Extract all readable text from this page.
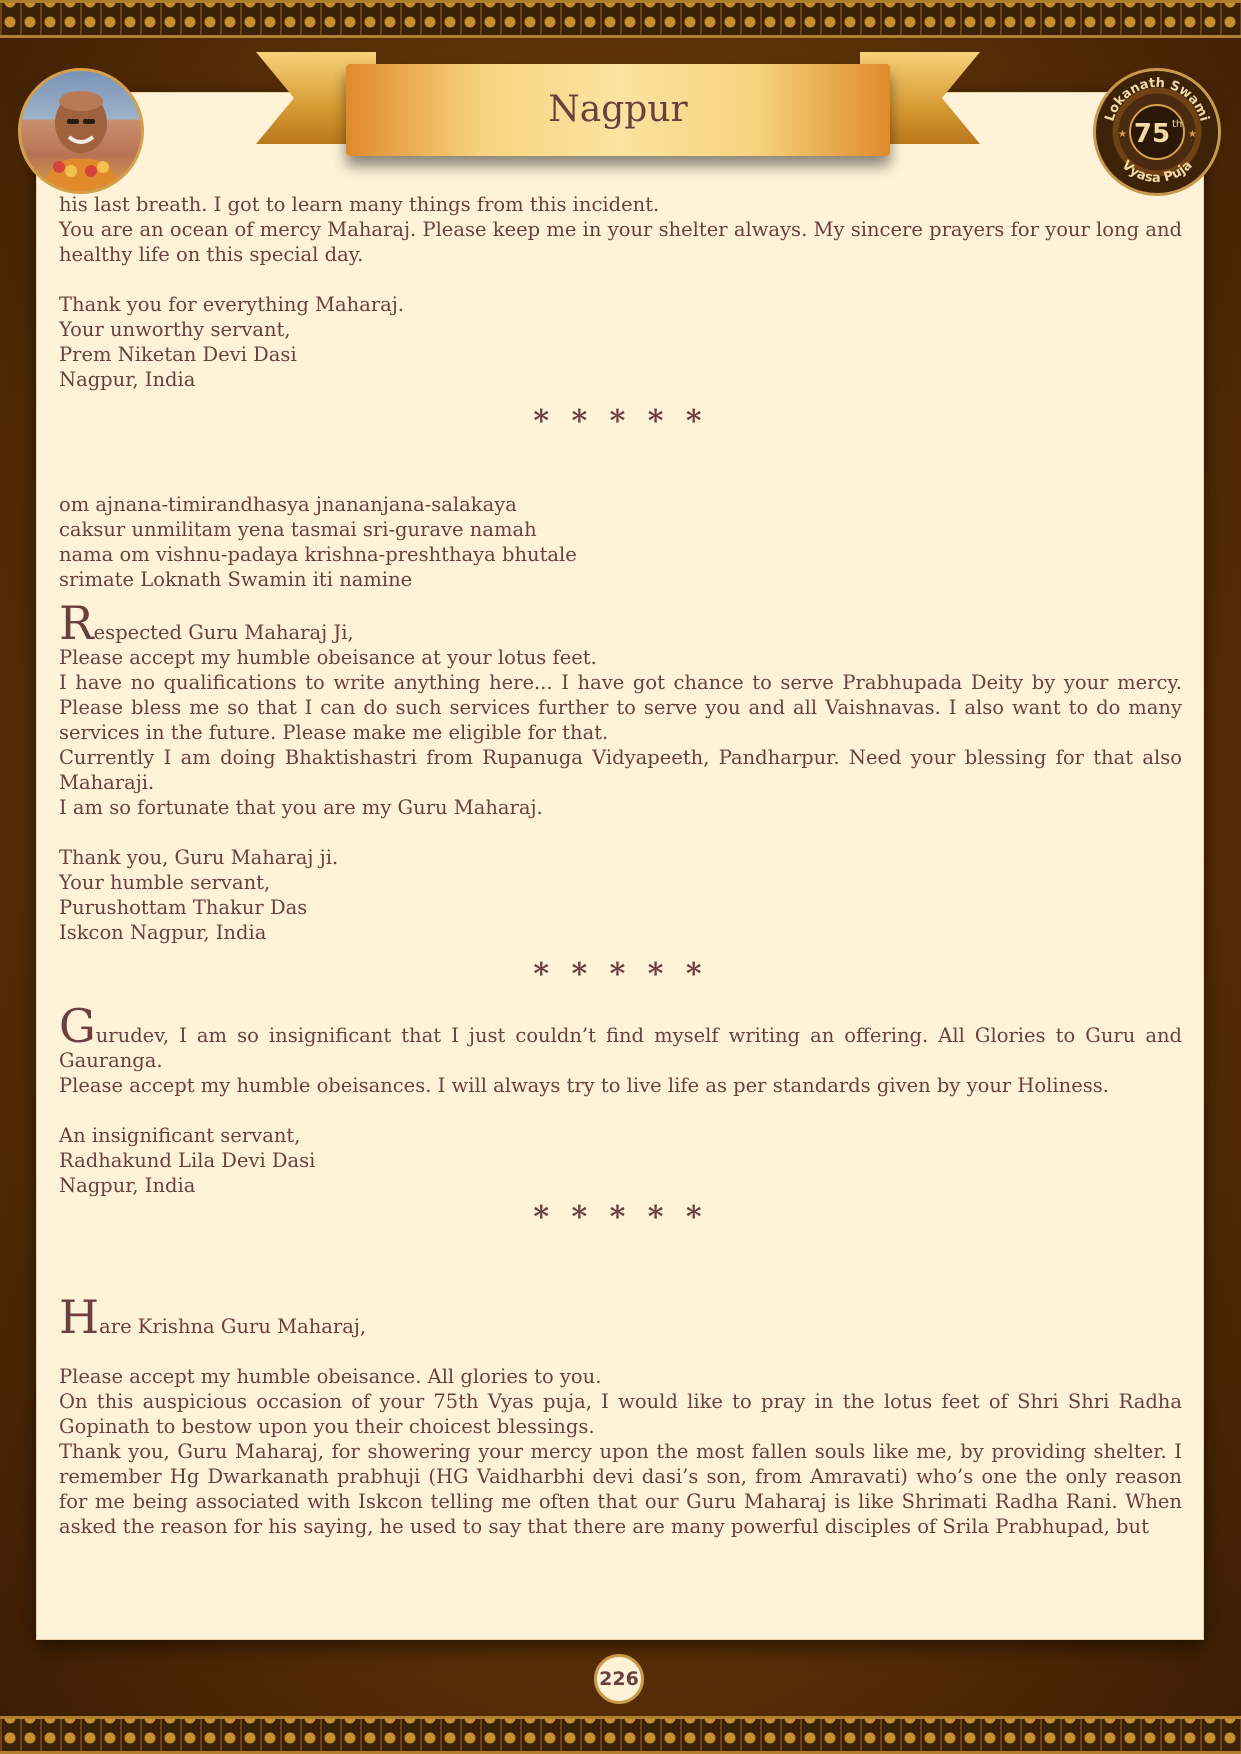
Nagpur	Lokanath Swami
Vyasa Puja
75 th
★	★

his last breath. I got to learn many things from this incident.

You are an ocean of mercy Maharaj. Please keep me in your shelter always. My sincere prayers for your long and healthy life on this special day.

Thank you for everything Maharaj.

Your unworthy servant,

Prem Niketan Devi Dasi

Nagpur, India

* * * * *

om ajnana-timirandhasya jnananjana-salakaya

caksur unmilitam yena tasmai sri-gurave namah

nama om vishnu-padaya krishna-preshthaya bhutale

srimate Loknath Swamin iti namine

Respected Guru Maharaj Ji,

Please accept my humble obeisance at your lotus feet.

I have no qualifications to write anything here... I have got chance to serve Prabhupada Deity by your mercy. Please bless me so that I can do such services further to serve you and all Vaishnavas. I also want to do many services in the future. Please make me eligible for that.

Currently I am doing Bhaktishastri from Rupanuga Vidyapeeth, Pandharpur. Need your blessing for that also Maharaji.

I am so fortunate that you are my Guru Maharaj.

Thank you, Guru Maharaj ji.

Your humble servant,

Purushottam Thakur Das

Iskcon Nagpur, India

* * * * *

Gurudev, I am so insignificant that I just couldn’t find myself writing an offering. All Glories to Guru and Gauranga.

Please accept my humble obeisances. I will always try to live life as per standards given by your Holiness.

An insignificant servant,

Radhakund Lila Devi Dasi

Nagpur, India

* * * * *

Hare Krishna Guru Maharaj,

Please accept my humble obeisance. All glories to you.

On this auspicious occasion of your 75th Vyas puja, I would like to pray in the lotus feet of Shri Shri Radha Gopinath to bestow upon you their choicest blessings.

Thank you, Guru Maharaj, for showering your mercy upon the most fallen souls like me, by providing shelter. I remember Hg Dwarkanath prabhuji (HG Vaidharbhi devi dasi’s son, from Amravati) who’s one the only reason for me being associated with Iskcon telling me often that our Guru Maharaj is like Shrimati Radha Rani. When asked the reason for his saying, he used to say that there are many powerful disciples of Srila Prabhupad, but

226
